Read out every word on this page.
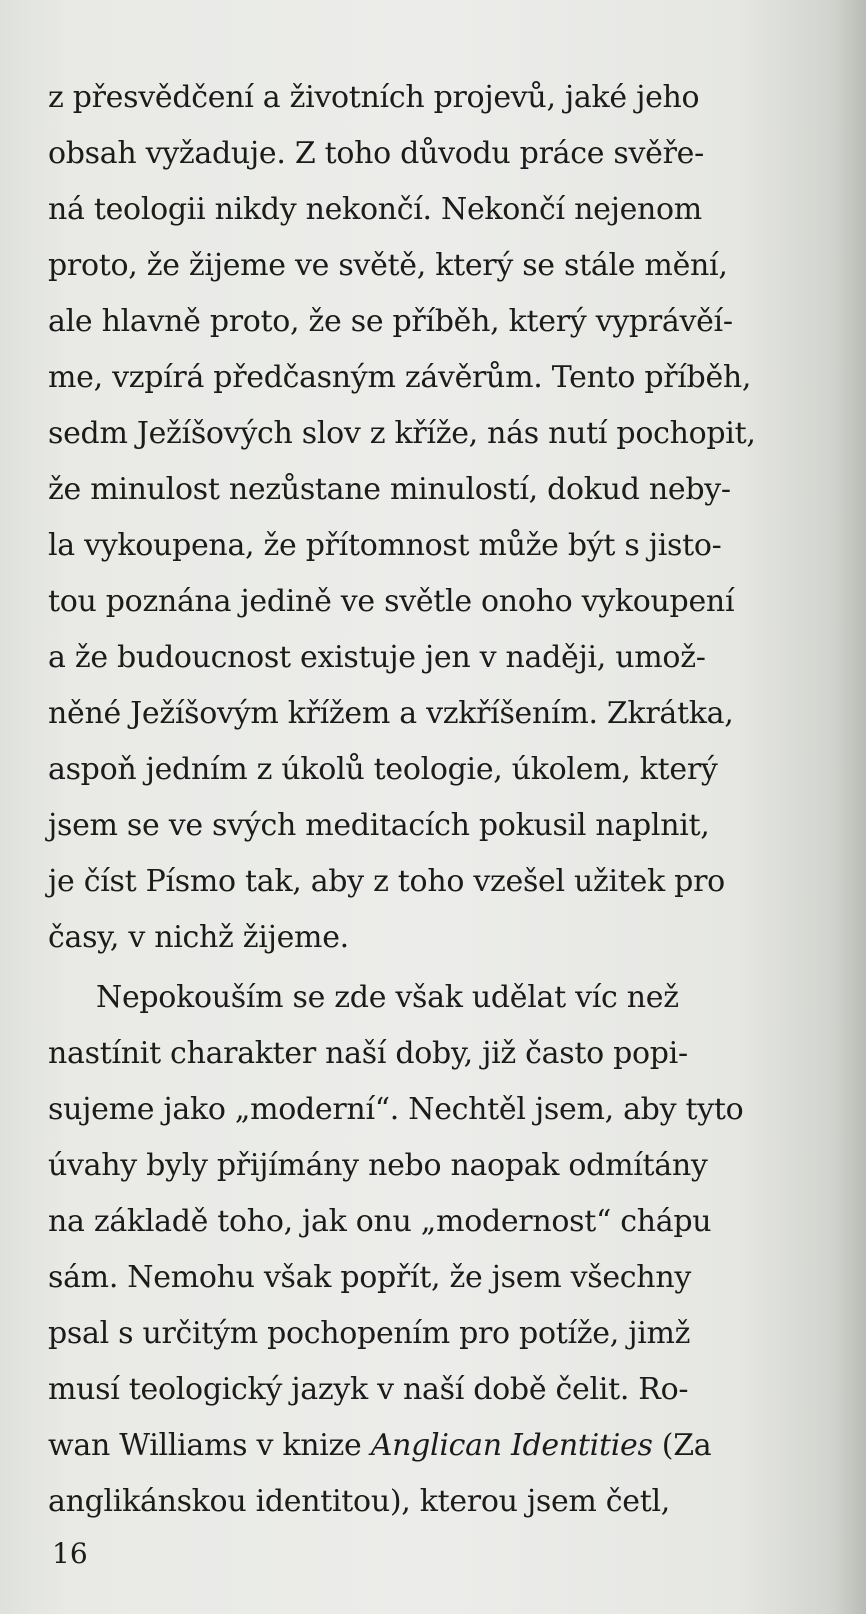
z přesvědčení a životních projevů, jaké jeho
obsah vyžaduje. Z toho důvodu práce svěře-
ná teologii nikdy nekončí. Nekončí nejenom
proto, že žijeme ve světě, který se stále mění,
ale hlavně proto, že se příběh, který vyprávěí-
me, vzpírá předčasným závěrům. Tento příběh,
sedm Ježíšových slov z kříže, nás nutí pochopit,
že minulost nezůstane minulostí, dokud neby-
la vykoupena, že přítomnost může být s jisto-
tou poznána jedině ve světle onoho vykoupení
a že budoucnost existuje jen v naději, umož-
něné Ježíšovým křížem a vzkříšením. Zkrátka,
aspoň jedním z úkolů teologie, úkolem, který
jsem se ve svých meditacích pokusil naplnit,
je číst Písmo tak, aby z toho vzešel užitek pro
časy, v nichž žijeme.
Nepokouším se zde však udělat víc než
nastínit charakter naší doby, již často popi-
sujeme jako „moderní“. Nechtěl jsem, aby tyto
úvahy byly přijímány nebo naopak odmítány
na základě toho, jak onu „modernost“ chápu
sám. Nemohu však popřít, že jsem všechny
psal s určitým pochopením pro potíže, jimž
musí teologický jazyk v naší době čelit. Ro-
wan Williams v knize Anglican Identities (Za
anglikánskou identitou), kterou jsem četl,
16
